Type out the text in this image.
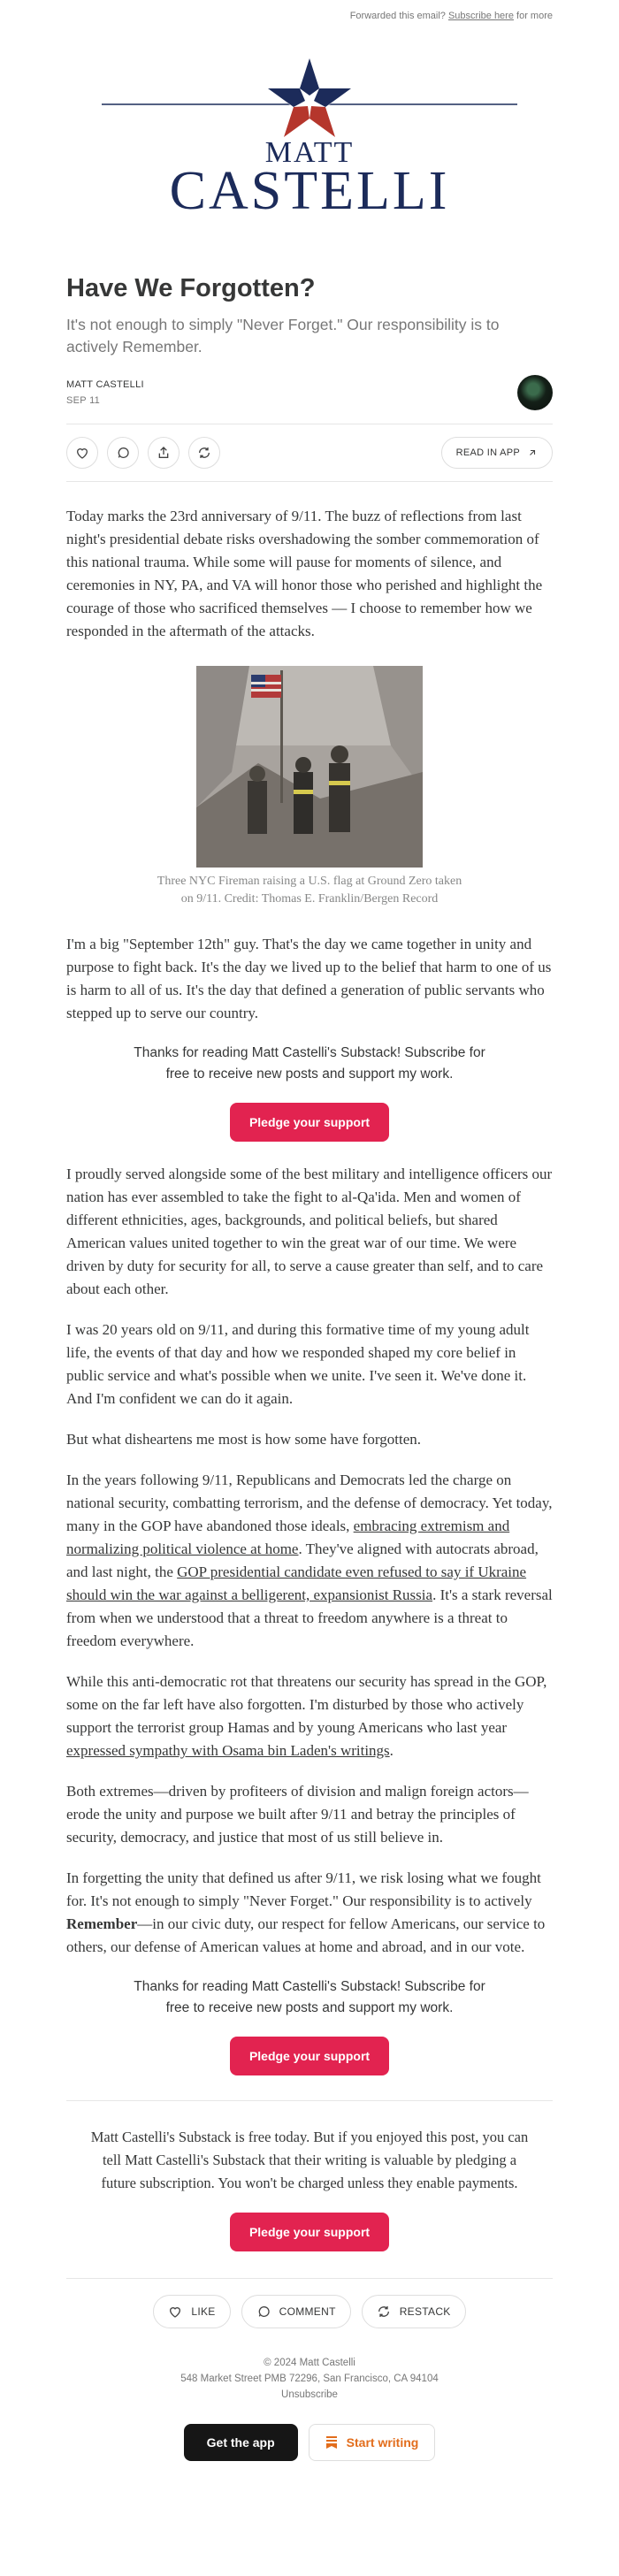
Forwarded this email? Subscribe here for more
MATT
CASTELLI
Have We Forgotten?
It's not enough to simply "Never Forget." Our responsibility is to actively Remember.
MATT CASTELLI
SEP 11
READ IN APP

Today marks the 23rd anniversary of 9/11. The buzz of reflections from last night's presidential debate risks overshadowing the somber commemoration of this national trauma. While some will pause for moments of silence, and ceremonies in NY, PA, and VA will honor those who perished and highlight the courage of those who sacrificed themselves — I choose to remember how we responded in the aftermath of the attacks.

Three NYC Fireman raising a U.S. flag at Ground Zero taken
on 9/11. Credit: Thomas E. Franklin/Bergen Record

I'm a big "September 12th" guy. That's the day we came together in unity and purpose to fight back. It's the day we lived up to the belief that harm to one of us is harm to all of us. It's the day that defined a generation of public servants who stepped up to serve our country.

Thanks for reading Matt Castelli's Substack! Subscribe for free to receive new posts and support my work.
Pledge your support

I proudly served alongside some of the best military and intelligence officers our nation has ever assembled to take the fight to al-Qa'ida. Men and women of different ethnicities, ages, backgrounds, and political beliefs, but shared American values united together to win the great war of our time. We were driven by duty for security for all, to serve a cause greater than self, and to care about each other.

I was 20 years old on 9/11, and during this formative time of my young adult life, the events of that day and how we responded shaped my core belief in public service and what's possible when we unite. I've seen it. We've done it. And I'm confident we can do it again.

But what disheartens me most is how some have forgotten.

In the years following 9/11, Republicans and Democrats led the charge on national security, combatting terrorism, and the defense of democracy. Yet today, many in the GOP have abandoned those ideals, embracing extremism and normalizing political violence at home. They've aligned with autocrats abroad, and last night, the GOP presidential candidate even refused to say if Ukraine should win the war against a belligerent, expansionist Russia. It's a stark reversal from when we understood that a threat to freedom anywhere is a threat to freedom everywhere.

While this anti-democratic rot that threatens our security has spread in the GOP, some on the far left have also forgotten. I'm disturbed by those who actively support the terrorist group Hamas and by young Americans who last year expressed sympathy with Osama bin Laden's writings.

Both extremes—driven by profiteers of division and malign foreign actors—erode the unity and purpose we built after 9/11 and betray the principles of security, democracy, and justice that most of us still believe in.

In forgetting the unity that defined us after 9/11, we risk losing what we fought for. It's not enough to simply "Never Forget." Our responsibility is to actively Remember—in our civic duty, our respect for fellow Americans, our service to others, our defense of American values at home and abroad, and in our vote.

Thanks for reading Matt Castelli's Substack! Subscribe for free to receive new posts and support my work.
Pledge your support
Matt Castelli's Substack is free today. But if you enjoyed this post, you can tell Matt Castelli's Substack that their writing is valuable by pledging a future subscription. You won't be charged unless they enable payments.
Pledge your support
LIKE	COMMENT	RESTACK
© 2024 Matt Castelli
548 Market Street PMB 72296, San Francisco, CA 94104
Unsubscribe
Get the app	Start writing
